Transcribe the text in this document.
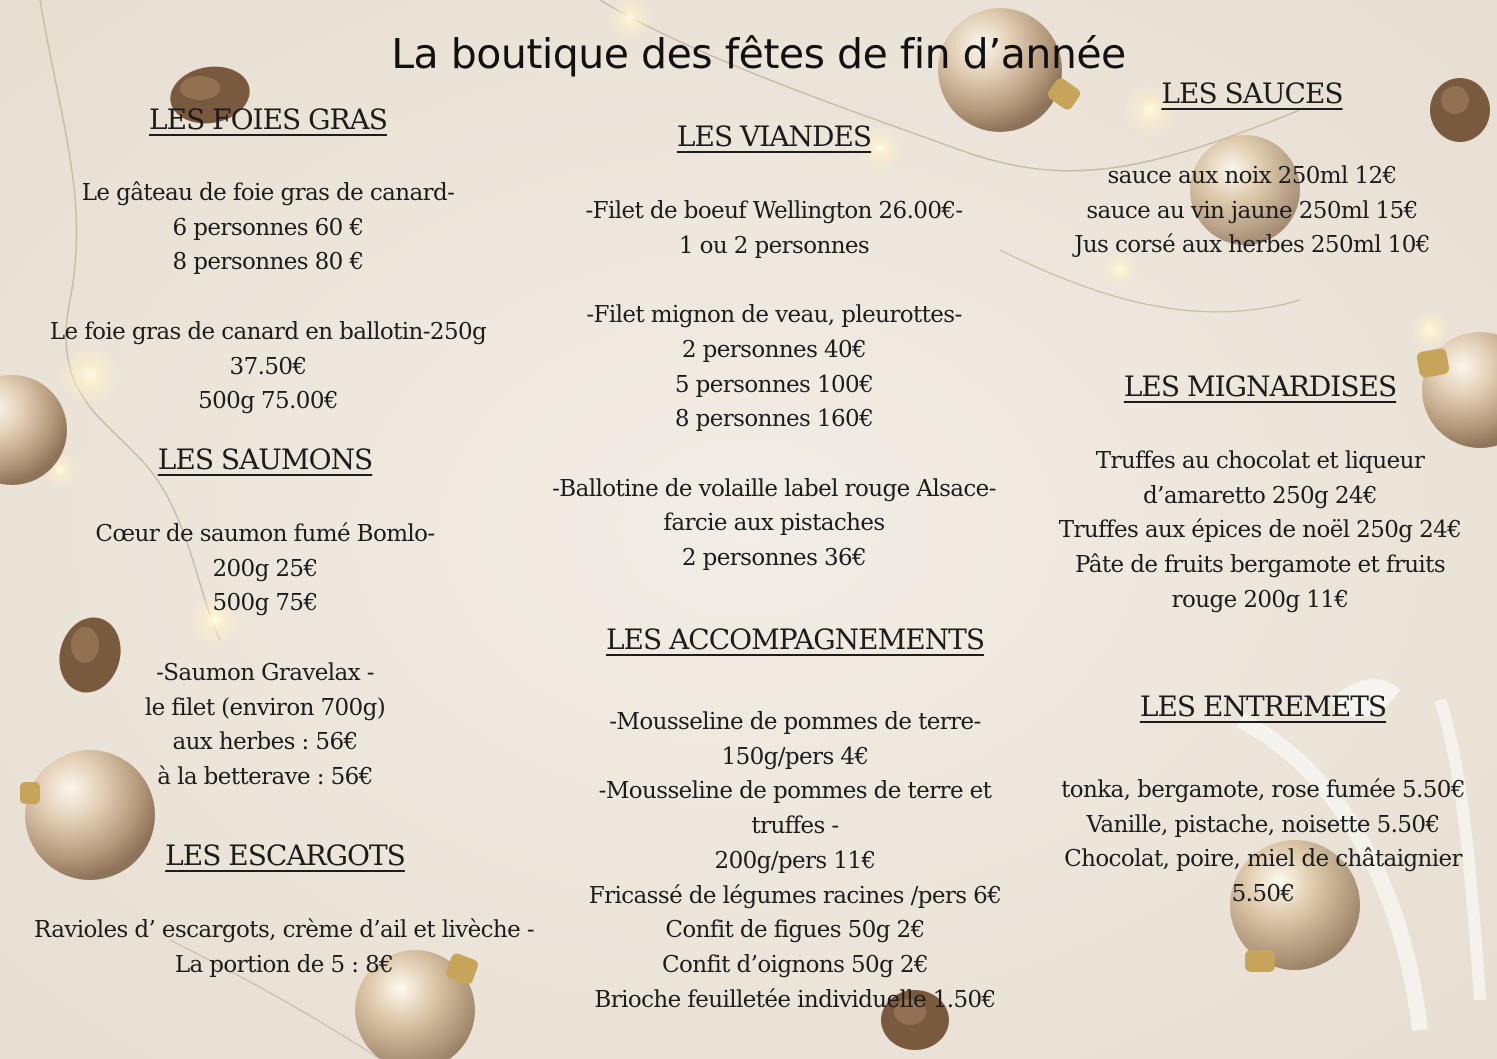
La boutique des fêtes de fin d’année
LES FOIES GRAS
Le gâteau de foie gras de canard-
6 personnes 60 €
8 personnes 80 €
Le foie gras de canard en ballotin-250g
37.50€
500g 75.00€
LES SAUMONS
Cœur de saumon fumé Bomlo-
200g 25€
500g 75€
-Saumon Gravelax -
le filet (environ 700g)
aux herbes : 56€
à la betterave : 56€
LES ESCARGOTS
Ravioles d’ escargots, crème d’ail et livèche -
La portion de 5 : 8€
LES VIANDES
-Filet de boeuf Wellington 26.00€-
1 ou 2 personnes
-Filet mignon de veau, pleurottes-
2 personnes 40€
5 personnes 100€
8 personnes 160€
-Ballotine de volaille label rouge Alsace-
farcie aux pistaches
2 personnes 36€
LES ACCOMPAGNEMENTS
-Mousseline de pommes de terre-
150g/pers 4€
-Mousseline de pommes de terre et
truffes -
200g/pers 11€
Fricassé de légumes racines /pers 6€
Confit de figues 50g 2€
Confit d’oignons 50g 2€
Brioche feuilletée individuelle 1.50€
LES SAUCES
sauce aux noix 250ml 12€
sauce au vin jaune 250ml 15€
Jus corsé aux herbes 250ml 10€
LES MIGNARDISES
Truffes au chocolat et liqueur
d’amaretto 250g 24€
Truffes aux épices de noël 250g 24€
Pâte de fruits bergamote et fruits
rouge 200g 11€
LES ENTREMETS
tonka, bergamote, rose fumée 5.50€
Vanille, pistache, noisette 5.50€
Chocolat, poire, miel de châtaignier
5.50€
